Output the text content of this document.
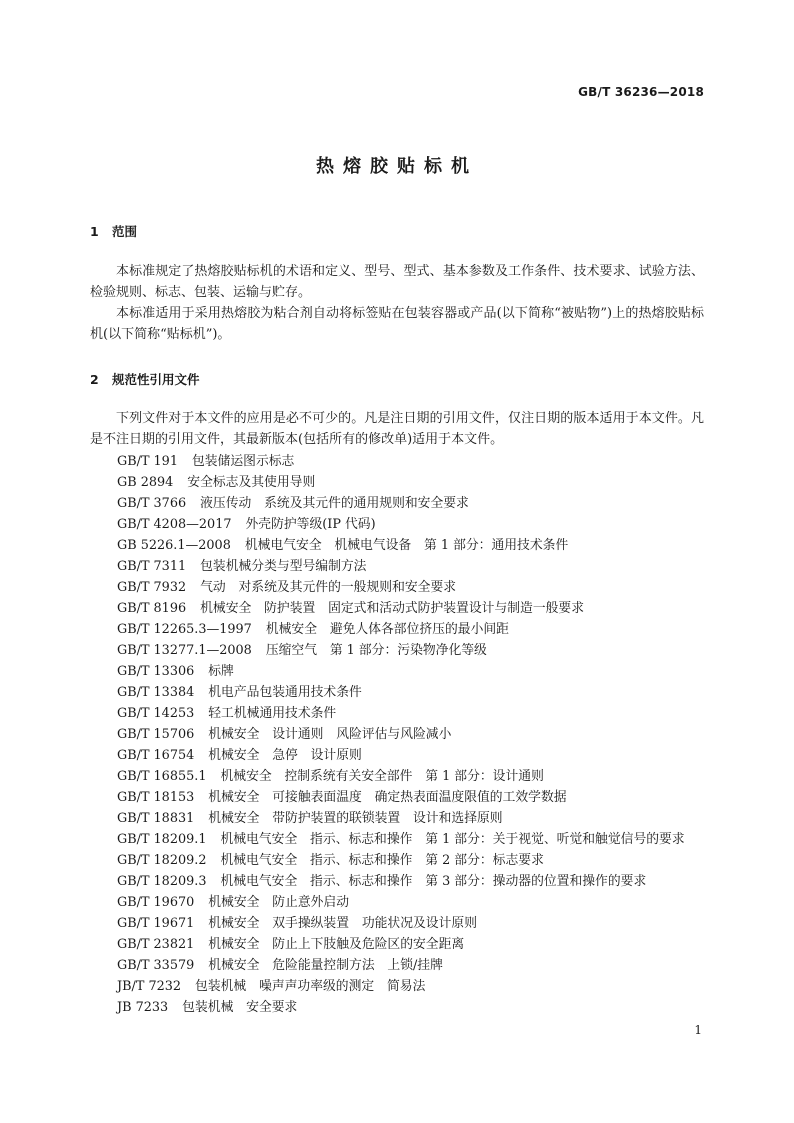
GB/T 36236—2018
热熔胶贴标机
1 范围

本标准规定了热熔胶贴标机的术语和定义、型号、型式、基本参数及工作条件、技术要求、试验方法、检验规则、标志、包装、运输与贮存。

本标准适用于采用热熔胶为粘合剂自动将标签贴在包装容器或产品(以下简称“被贴物”)上的热熔胶贴标机(以下简称“贴标机”)。

2 规范性引用文件

下列文件对于本文件的应用是必不可少的。凡是注日期的引用文件，仅注日期的版本适用于本文件。凡是不注日期的引用文件，其最新版本(包括所有的修改单)适用于本文件。

GB/T 191 包装储运图示标志
GB 2894 安全标志及其使用导则
GB/T 3766 液压传动　系统及其元件的通用规则和安全要求
GB/T 4208—2017 外壳防护等级(IP 代码)
GB 5226.1—2008 机械电气安全　机械电气设备　第 1 部分：通用技术条件
GB/T 7311 包装机械分类与型号编制方法
GB/T 7932 气动　对系统及其元件的一般规则和安全要求
GB/T 8196 机械安全　防护装置　固定式和活动式防护装置设计与制造一般要求
GB/T 12265.3—1997 机械安全　避免人体各部位挤压的最小间距
GB/T 13277.1—2008 压缩空气　第 1 部分：污染物净化等级
GB/T 13306 标牌
GB/T 13384 机电产品包装通用技术条件
GB/T 14253 轻工机械通用技术条件
GB/T 15706 机械安全　设计通则　风险评估与风险减小
GB/T 16754 机械安全　急停　设计原则
GB/T 16855.1 机械安全　控制系统有关安全部件　第 1 部分：设计通则
GB/T 18153 机械安全　可接触表面温度　确定热表面温度限值的工效学数据
GB/T 18831 机械安全　带防护装置的联锁装置　设计和选择原则
GB/T 18209.1 机械电气安全　指示、标志和操作　第 1 部分：关于视觉、听觉和触觉信号的要求
GB/T 18209.2 机械电气安全　指示、标志和操作　第 2 部分：标志要求
GB/T 18209.3 机械电气安全　指示、标志和操作　第 3 部分：操动器的位置和操作的要求
GB/T 19670 机械安全　防止意外启动
GB/T 19671 机械安全　双手操纵装置　功能状况及设计原则
GB/T 23821 机械安全　防止上下肢触及危险区的安全距离
GB/T 33579 机械安全　危险能量控制方法　上锁/挂牌
JB/T 7232 包装机械　噪声声功率级的测定　简易法
JB 7233 包装机械　安全要求
1
